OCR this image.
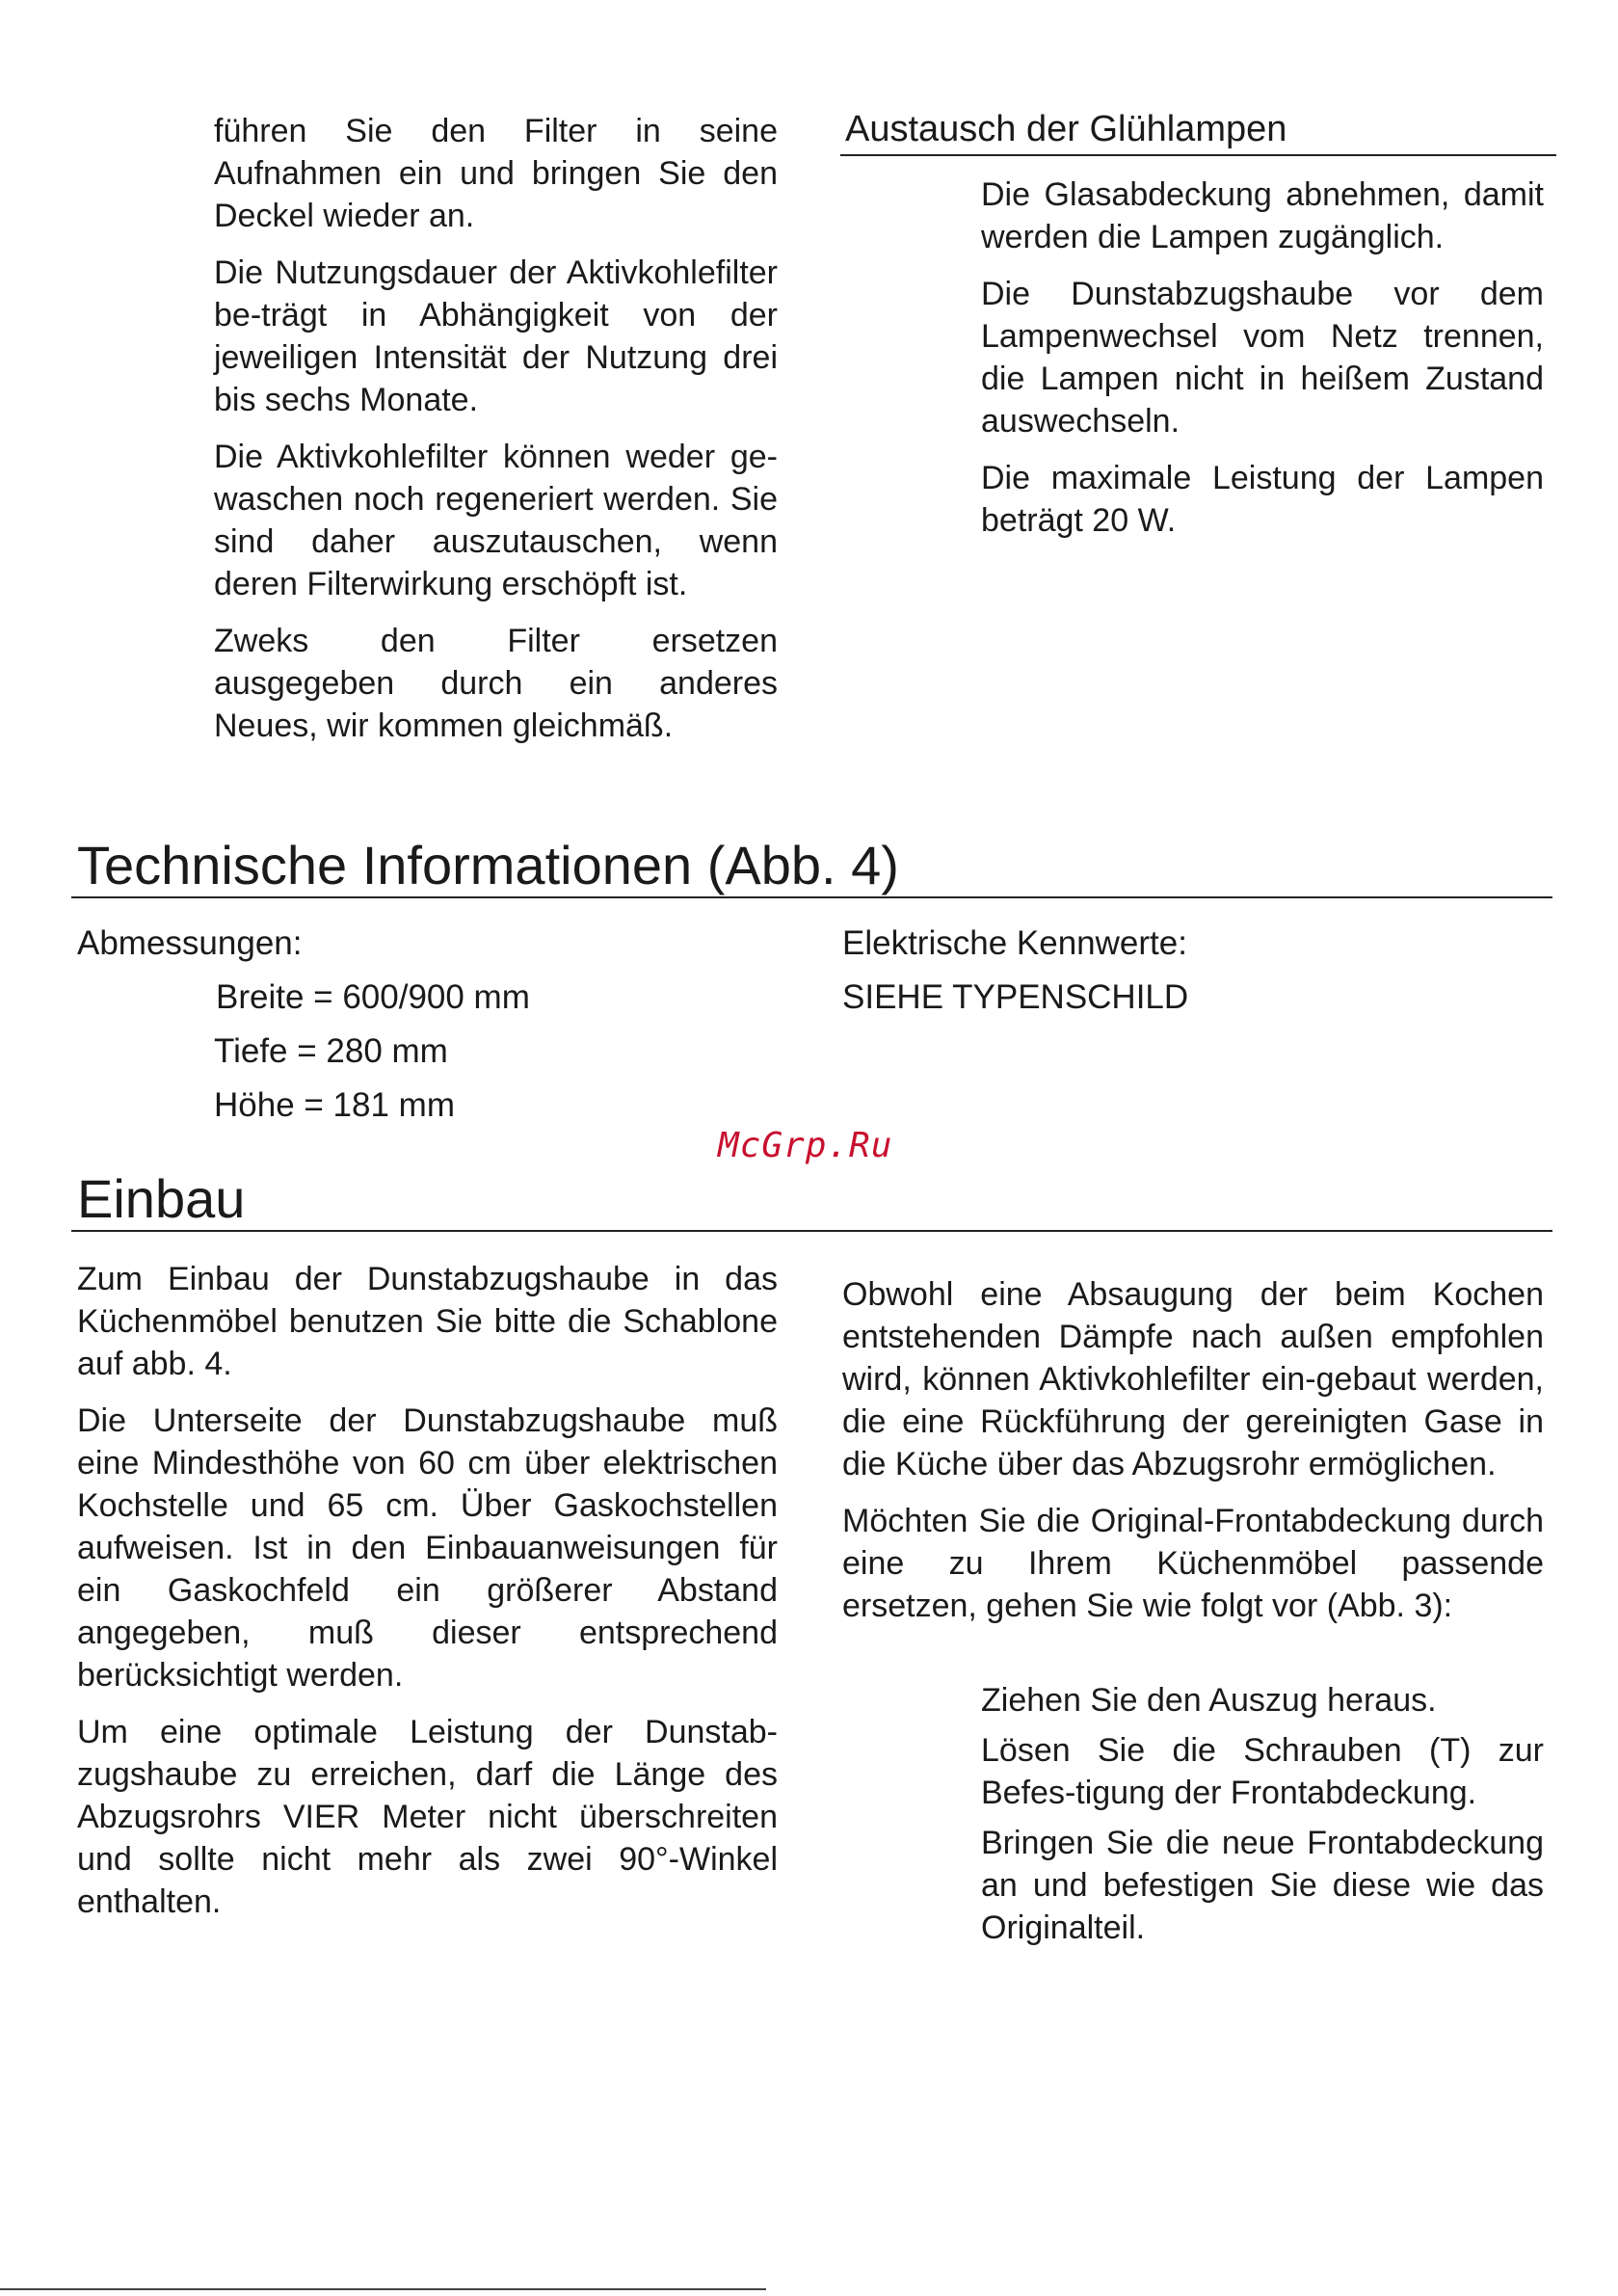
führen Sie den Filter in seine Aufnahmen ein und bringen Sie den Deckel wieder an.

Die Nutzungsdauer der Aktivkohlefilter be-trägt in Abhängigkeit von der jeweiligen Intensität der Nutzung drei bis sechs Monate.

Die Aktivkohlefilter können weder ge-waschen noch regeneriert werden. Sie sind daher auszutauschen, wenn deren Filterwirkung erschöpft ist.

Zweks den Filter ersetzen ausgegeben durch ein anderes Neues, wir kommen gleichmäß.

Austausch der Glühlampen

Die Glasabdeckung abnehmen, damit werden die Lampen zugänglich.

Die Dunstabzugshaube vor dem Lampenwechsel vom Netz trennen, die Lampen nicht in heißem Zustand auswechseln.

Die maximale Leistung der Lampen beträgt 20 W.

Technische Informationen (Abb. 4)
Abmessungen:
Breite = 600/900 mm
Tiefe = 280 mm
Höhe = 181 mm
Elektrische Kennwerte:
SIEHE TYPENSCHILD
McGrp.Ru
Einbau

Zum Einbau der Dunstabzugshaube in das Küchenmöbel benutzen Sie bitte die Schablone auf abb. 4.

Die Unterseite der Dunstabzugshaube muß eine Mindesthöhe von 60 cm über elektrischen Kochstelle und 65 cm. Über Gaskochstellen aufweisen. Ist in den Einbauanweisungen für ein Gaskochfeld ein größerer Abstand angegeben, muß dieser entsprechend berücksichtigt werden.

Um eine optimale Leistung der Dunstab-zugshaube zu erreichen, darf die Länge des Abzugsrohrs VIER Meter nicht überschreiten und sollte nicht mehr als zwei 90°-Winkel enthalten.

Obwohl eine Absaugung der beim Kochen entstehenden Dämpfe nach außen empfohlen wird, können Aktivkohlefilter ein-gebaut werden, die eine Rückführung der gereinigten Gase in die Küche über das Abzugsrohr ermöglichen.

Möchten Sie die Original-Frontabdeckung durch eine zu Ihrem Küchenmöbel passende ersetzen, gehen Sie wie folgt vor (Abb. 3):

Ziehen Sie den Auszug heraus.

Lösen Sie die Schrauben (T) zur Befes-tigung der Frontabdeckung.

Bringen Sie die neue Frontabdeckung an und befestigen Sie diese wie das Originalteil.
